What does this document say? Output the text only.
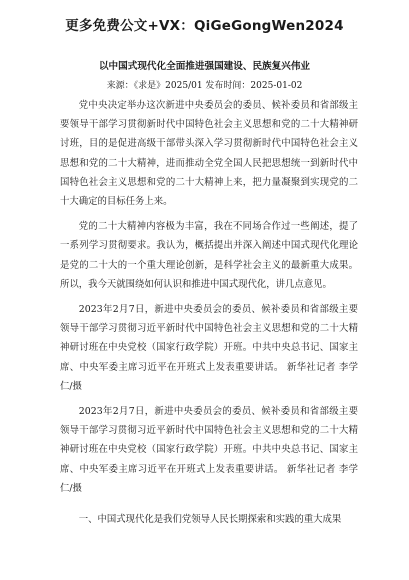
更多免费公文+VX：QiGeGongWen2024
以中国式现代化全面推进强国建设、民族复兴伟业
来源：《求是》2025/01 发布时间：2025-01-02

党中央决定举办这次新进中央委员会的委员、候补委员和省部级主要领导干部学习贯彻新时代中国特色社会主义思想和党的二十大精神研讨班，目的是促进高级干部带头深入学习贯彻新时代中国特色社会主义思想和党的二十大精神，进而推动全党全国人民把思想统一到新时代中国特色社会主义思想和党的二十大精神上来，把力量凝聚到实现党的二十大确定的目标任务上来。

党的二十大精神内容极为丰富，我在不同场合作过一些阐述，提了一系列学习贯彻要求。我认为，概括提出并深入阐述中国式现代化理论是党的二十大的一个重大理论创新，是科学社会主义的最新重大成果。所以，我今天就围绕如何认识和推进中国式现代化，讲几点意见。

2023年2月7日，新进中央委员会的委员、候补委员和省部级主要领导干部学习贯彻习近平新时代中国特色社会主义思想和党的二十大精神研讨班在中央党校（国家行政学院）开班。中共中央总书记、国家主席、中央军委主席习近平在开班式上发表重要讲话。 新华社记者 李学仁/摄

2023年2月7日，新进中央委员会的委员、候补委员和省部级主要领导干部学习贯彻习近平新时代中国特色社会主义思想和党的二十大精神研讨班在中央党校（国家行政学院）开班。中共中央总书记、国家主席、中央军委主席习近平在开班式上发表重要讲话。 新华社记者 李学仁/摄

一、中国式现代化是我们党领导人民长期探索和实践的重大成果
